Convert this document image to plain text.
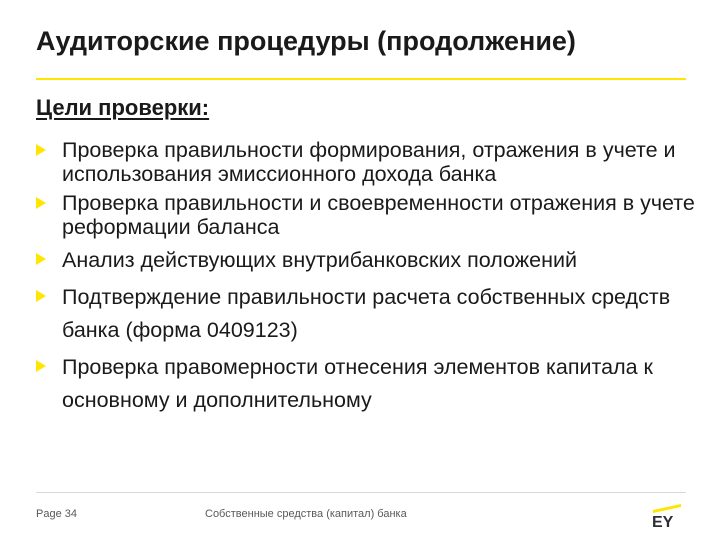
Аудиторские процедуры (продолжение)
Цели проверки:
Проверка правильности формирования, отражения в учете и использования эмиссионного дохода банка
Проверка правильности и своевременности отражения в учете реформации баланса
Анализ действующих внутрибанковских положений
Подтверждение правильности расчета собственных средств банка (форма 0409123)
Проверка правомерности отнесения элементов капитала к основному и дополнительному
Page 34	Собственные средства (капитал) банка	EY
